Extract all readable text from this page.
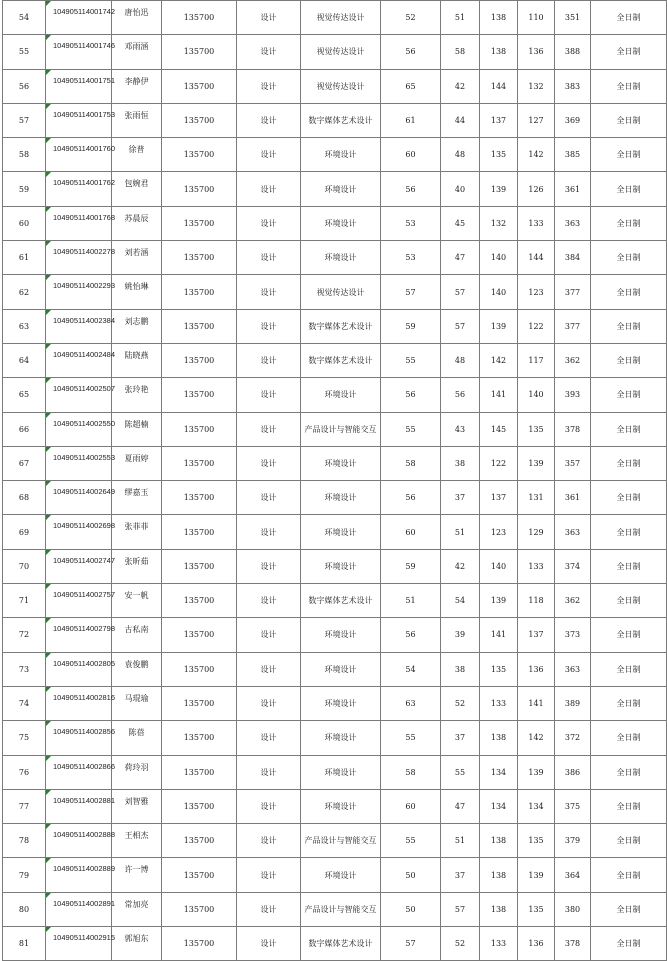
54	104905114001742	唐怡迅	135700	设计	视觉传达设计	52	51	138	110	351	全日制
55	104905114001746	邓雨涵	135700	设计	视觉传达设计	56	58	138	136	388	全日制
56	104905114001751	李静伊	135700	设计	视觉传达设计	65	42	144	132	383	全日制
57	104905114001753	张雨恒	135700	设计	数字媒体艺术设计	61	44	137	127	369	全日制
58	104905114001760	徐普	135700	设计	环境设计	60	48	135	142	385	全日制
59	104905114001762	包婉君	135700	设计	环境设计	56	40	139	126	361	全日制
60	104905114001768	苏晨辰	135700	设计	环境设计	53	45	132	133	363	全日制
61	104905114002278	刘若涵	135700	设计	环境设计	53	47	140	144	384	全日制
62	104905114002293	姚怡琳	135700	设计	视觉传达设计	57	57	140	123	377	全日制
63	104905114002384	刘志鹏	135700	设计	数字媒体艺术设计	59	57	139	122	377	全日制
64	104905114002484	陆晓燕	135700	设计	数字媒体艺术设计	55	48	142	117	362	全日制
65	104905114002507	张玲艳	135700	设计	环境设计	56	56	141	140	393	全日制
66	104905114002550	陈超楠	135700	设计	产品设计与智能交互	55	43	145	135	378	全日制
67	104905114002553	夏雨婷	135700	设计	环境设计	58	38	122	139	357	全日制
68	104905114002649	缪嘉玉	135700	设计	环境设计	56	37	137	131	361	全日制
69	104905114002698	张菲菲	135700	设计	环境设计	60	51	123	129	363	全日制
70	104905114002747	张昕茹	135700	设计	环境设计	59	42	140	133	374	全日制
71	104905114002757	安一帆	135700	设计	数字媒体艺术设计	51	54	139	118	362	全日制
72	104905114002798	古私南	135700	设计	环境设计	56	39	141	137	373	全日制
73	104905114002805	袁俊鹏	135700	设计	环境设计	54	38	135	136	363	全日制
74	104905114002816	马琨瑜	135700	设计	环境设计	63	52	133	141	389	全日制
75	104905114002856	陈蓓	135700	设计	环境设计	55	37	138	142	372	全日制
76	104905114002866	荷玲羽	135700	设计	环境设计	58	55	134	139	386	全日制
77	104905114002881	刘智雅	135700	设计	环境设计	60	47	134	134	375	全日制
78	104905114002888	王相杰	135700	设计	产品设计与智能交互	55	51	138	135	379	全日制
79	104905114002889	许一博	135700	设计	环境设计	50	37	138	139	364	全日制
80	104905114002891	常加亮	135700	设计	产品设计与智能交互	50	57	138	135	380	全日制
81	104905114002915	郭旭东	135700	设计	数字媒体艺术设计	57	52	133	136	378	全日制
